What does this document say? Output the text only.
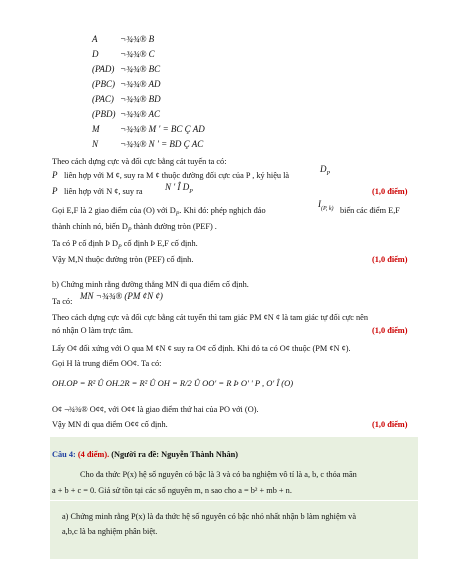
A	¬¾¾® B
D ¬¾¾® C
(PAD) ¬¾¾® BC
(PBC) ¬¾¾® AD
(PAC) ¬¾¾® BD
(PBD) ¬¾¾® AC
M ¬¾¾® M ' = BC Ç AD
N ¬¾¾® N ' = BD Ç AC
Theo cách dựng cực và đối cực bằng cát tuyến ta có:
P liên hợp với M ¢, suy ra M ¢ thuộc đường đối cực của P , ký hiệu là
$D_P$
P liên hợp với N ¢, suy ra N ' Î $D_P$	(1,0 điểm)
Gọi E,F là 2 giao điểm của (O) với $D_P$. Khi đó: phép nghịch đảo
$I_{(P, k)}$ biến các điểm E,F
thành chính nó, biến $D_P$ thành đường tròn (PEF) .
Ta có P cố định Þ $D_P$ cố định Þ E,F cố định.
Vậy M,N thuộc đường tròn (PEF) cố định.	(1,0 điểm)
b) Chứng minh rằng đường thẳng MN đi qua điểm cố định.
Ta có:
MN ¬¾¾® (PM ¢N ¢)
Theo cách dựng cực và đối cực bằng cát tuyến thì tam giác PM ¢N ¢ là tam giác tự đối cực nên
nó nhận O làm trực tâm.	(1,0 điểm)
Lấy O¢ đối xứng với O qua M ¢N ¢ suy ra O¢ cố định. Khi đó ta có O¢ thuộc (PM ¢N ¢).
Gọi H là trung điểm OO¢. Ta có:
OH.OP = R² Û OH.2R = R² Û OH = R/2 Û OO' = R Þ O' ' P , O' Î (O)
O¢ ¬¾¾® O¢¢, với O¢¢ là giao điểm thứ hai của PO với (O).
Vậy MN đi qua điểm O¢¢ cố định.	(1,0 điểm)
Câu 4: (4 điểm). (Người ra đề: Nguyễn Thành Nhân)
Cho đa thức P(x) hệ số nguyên có bậc là 3 và có ba nghiệm vô tỉ là a, b, c thỏa mãn
a + b + c = 0. Giả sử tồn tại các số nguyên m, n sao cho a = b² + mb + n.
a) Chứng minh rằng P(x) là đa thức hệ số nguyên có bậc nhỏ nhất nhận b làm nghiệm và
a,b,c là ba nghiệm phân biệt.
